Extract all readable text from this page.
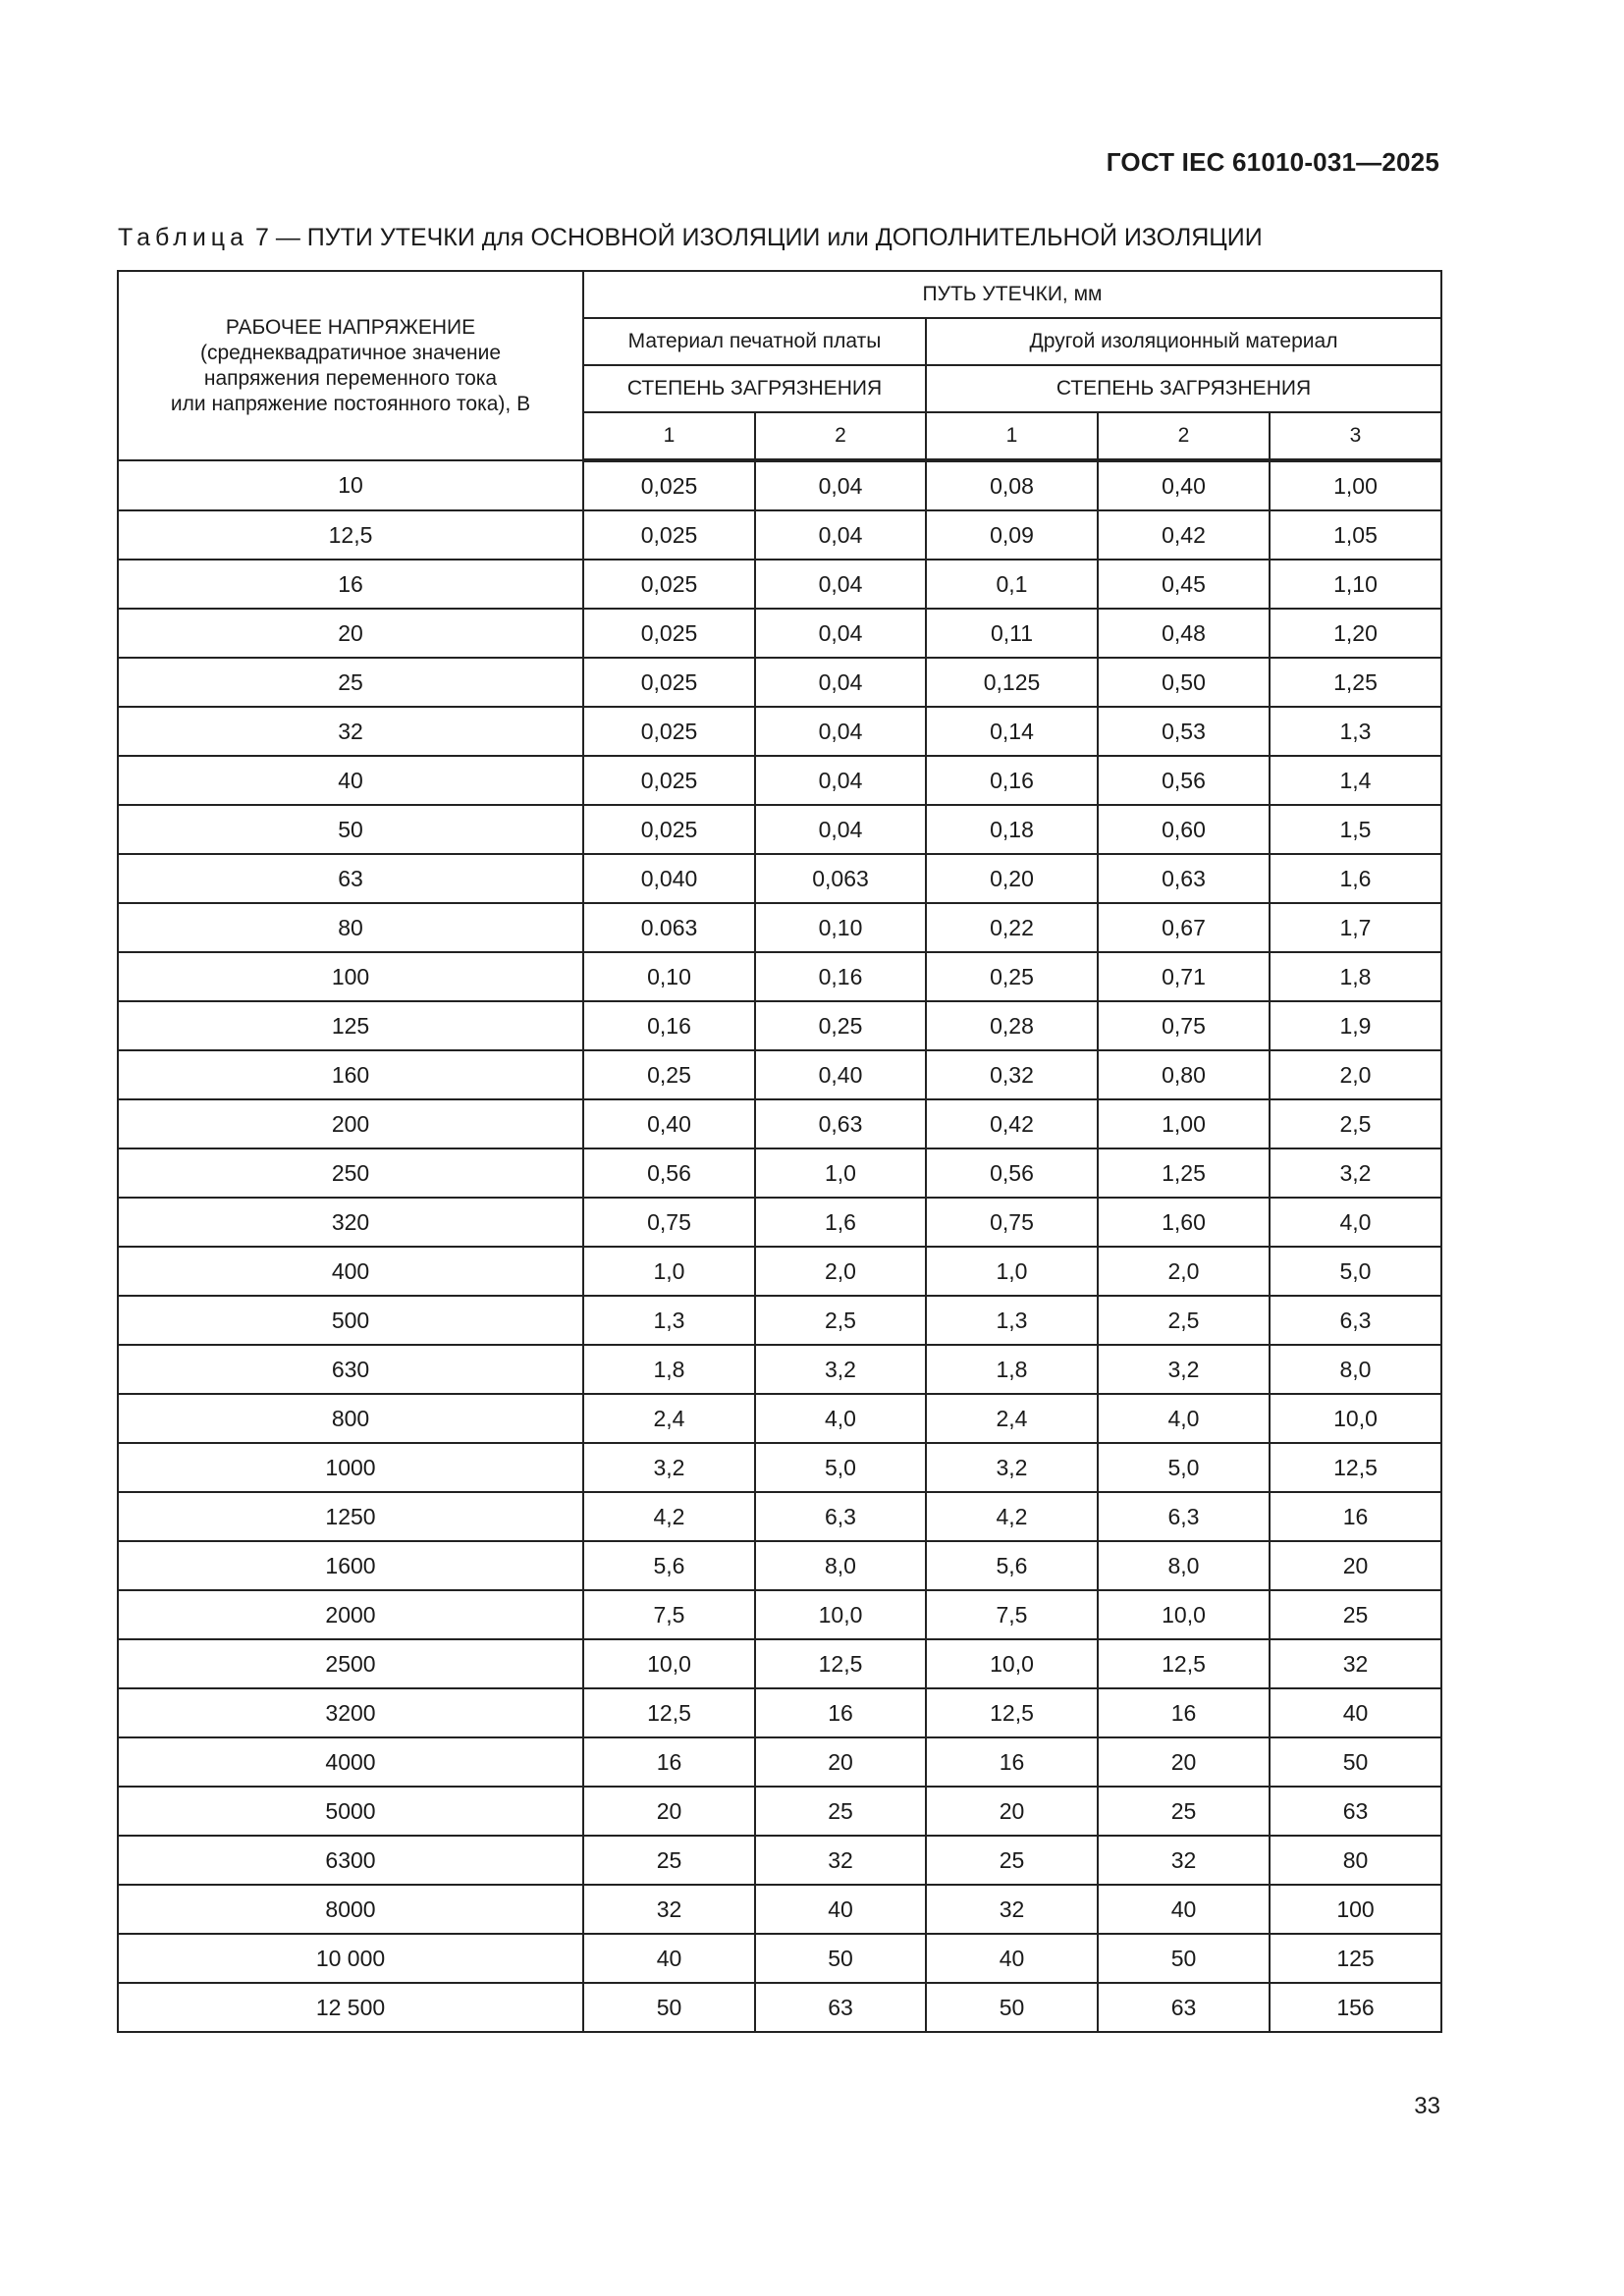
ГОСТ IEC 61010-031—2025
Таблица 7 — ПУТИ УТЕЧКИ для ОСНОВНОЙ ИЗОЛЯЦИИ или ДОПОЛНИТЕЛЬНОЙ ИЗОЛЯЦИИ
РАБОЧЕЕ НАПРЯЖЕНИЕ
(среднеквадратичное значение
напряжения переменного тока
или напряжение постоянного тока), В	ПУТЬ УТЕЧКИ, мм				
	Материал печатной платы		Другой изоляционный материал		
	СТЕПЕНЬ ЗАГРЯЗНЕНИЯ		СТЕПЕНЬ ЗАГРЯЗНЕНИЯ		
	1	2	1	2	3
10	0,025	0,04	0,08	0,40	1,00
12,5	0,025	0,04	0,09	0,42	1,05
16	0,025	0,04	0,1	0,45	1,10
20	0,025	0,04	0,11	0,48	1,20
25	0,025	0,04	0,125	0,50	1,25
32	0,025	0,04	0,14	0,53	1,3
40	0,025	0,04	0,16	0,56	1,4
50	0,025	0,04	0,18	0,60	1,5
63	0,040	0,063	0,20	0,63	1,6
80	0.063	0,10	0,22	0,67	1,7
100	0,10	0,16	0,25	0,71	1,8
125	0,16	0,25	0,28	0,75	1,9
160	0,25	0,40	0,32	0,80	2,0
200	0,40	0,63	0,42	1,00	2,5
250	0,56	1,0	0,56	1,25	3,2
320	0,75	1,6	0,75	1,60	4,0
400	1,0	2,0	1,0	2,0	5,0
500	1,3	2,5	1,3	2,5	6,3
630	1,8	3,2	1,8	3,2	8,0
800	2,4	4,0	2,4	4,0	10,0
1000	3,2	5,0	3,2	5,0	12,5
1250	4,2	6,3	4,2	6,3	16
1600	5,6	8,0	5,6	8,0	20
2000	7,5	10,0	7,5	10,0	25
2500	10,0	12,5	10,0	12,5	32
3200	12,5	16	12,5	16	40
4000	16	20	16	20	50
5000	20	25	20	25	63
6300	25	32	25	32	80
8000	32	40	32	40	100
10 000	40	50	40	50	125
12 500	50	63	50	63	156
33
